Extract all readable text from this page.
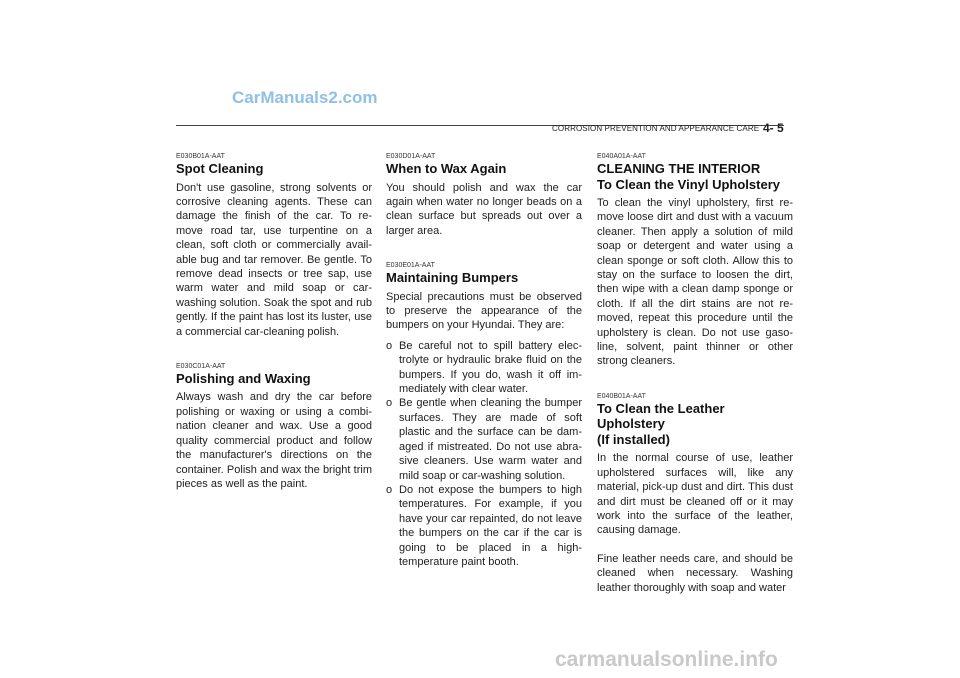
CarManuals2.com
CORROSION PREVENTION AND APPEARANCE CARE 4- 5

E030B01A-AAT

Spot Cleaning

Don't use gasoline, strong solvents or corrosive cleaning agents. These can damage the finish of the car. To re-move road tar, use turpentine on a clean, soft cloth or commercially avail-able bug and tar remover. Be gentle. To remove dead insects or tree sap, use warm water and mild soap or car-washing solution. Soak the spot and rub gently. If the paint has lost its luster, use a commercial car-cleaning polish.

E030C01A-AAT

Polishing and Waxing

Always wash and dry the car before polishing or waxing or using a combi-nation cleaner and wax. Use a good quality commercial product and follow the manufacturer's directions on the container. Polish and wax the bright trim pieces as well as the paint.

E030D01A-AAT

When to Wax Again

You should polish and wax the car again when water no longer beads on a clean surface but spreads out over a larger area.

E030E01A-AAT

Maintaining Bumpers

Special precautions must be observed to preserve the appearance of the bumpers on your Hyundai. They are:

o Be careful not to spill battery elec-trolyte or hydraulic brake fluid on the bumpers. If you do, wash it off im-mediately with clear water.
o Be gentle when cleaning the bumper surfaces. They are made of soft plastic and the surface can be dam-aged if mistreated. Do not use abra-sive cleaners. Use warm water and mild soap or car-washing solution.
o Do not expose the bumpers to high temperatures. For example, if you have your car repainted, do not leave the bumpers on the car if the car is going to be placed in a high-temperature paint booth.

E040A01A-AAT

CLEANING THE INTERIOR

To Clean the Vinyl Upholstery

To clean the vinyl upholstery, first re-move loose dirt and dust with a vacuum cleaner. Then apply a solution of mild soap or detergent and water using a clean sponge or soft cloth. Allow this to stay on the surface to loosen the dirt, then wipe with a clean damp sponge or cloth. If all the dirt stains are not re-moved, repeat this procedure until the upholstery is clean. Do not use gaso-line, solvent, paint thinner or other strong cleaners.

E040B01A-AAT

To Clean the Leather Upholstery

(If installed)

In the normal course of use, leather upholstered surfaces will, like any material, pick-up dust and dirt. This dust and dirt must be cleaned off or it may work into the surface of the leather, causing damage.

Fine leather needs care, and should be cleaned when necessary. Washing leather thoroughly with soap and water

carmanualsonline.info
